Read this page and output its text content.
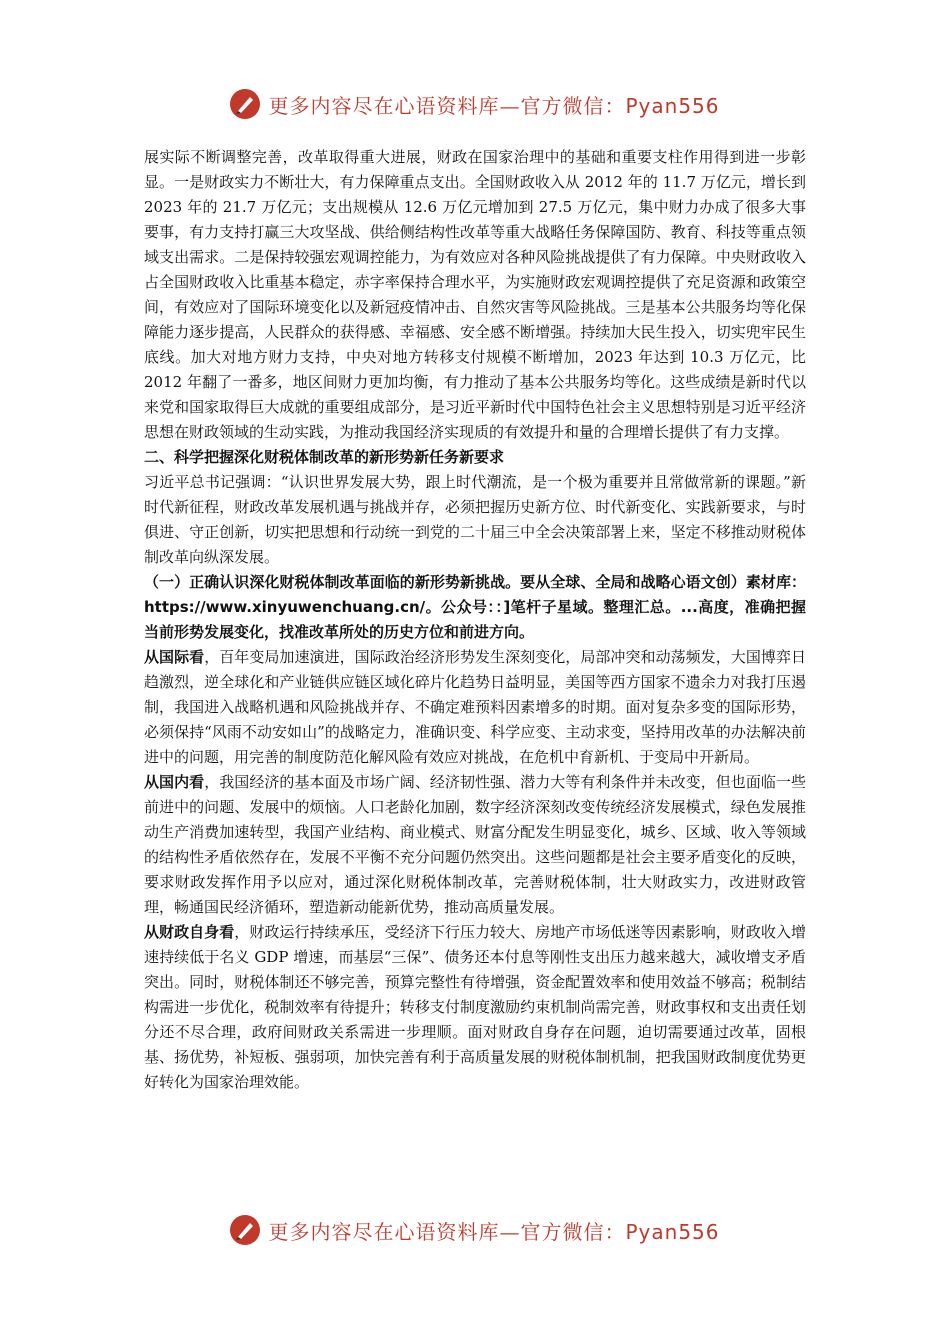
更多内容尽在心语资料库—官方微信：Pyan556

展实际不断调整完善，改革取得重大进展，财政在国家治理中的基础和重要支柱作用得到进一步彰显。一是财政实力不断壮大，有力保障重点支出。全国财政收入从 2012 年的 11.7 万亿元，增长到 2023 年的 21.7 万亿元；支出规模从 12.6 万亿元增加到 27.5 万亿元，集中财力办成了很多大事要事，有力支持打赢三大攻坚战、供给侧结构性改革等重大战略任务保障国防、教育、科技等重点领域支出需求。二是保持较强宏观调控能力，为有效应对各种风险挑战提供了有力保障。中央财政收入占全国财政收入比重基本稳定，赤字率保持合理水平，为实施财政宏观调控提供了充足资源和政策空间，有效应对了国际环境变化以及新冠疫情冲击、自然灾害等风险挑战。三是基本公共服务均等化保障能力逐步提高，人民群众的获得感、幸福感、安全感不断增强。持续加大民生投入，切实兜牢民生底线。加大对地方财力支持，中央对地方转移支付规模不断增加，2023 年达到 10.3 万亿元，比 2012 年翻了一番多，地区间财力更加均衡，有力推动了基本公共服务均等化。这些成绩是新时代以来党和国家取得巨大成就的重要组成部分，是习近平新时代中国特色社会主义思想特别是习近平经济思想在财政领域的生动实践，为推动我国经济实现质的有效提升和量的合理增长提供了有力支撑。

二、科学把握深化财税体制改革的新形势新任务新要求

习近平总书记强调：“认识世界发展大势，跟上时代潮流，是一个极为重要并且常做常新的课题。”新时代新征程，财政改革发展机遇与挑战并存，必须把握历史新方位、时代新变化、实践新要求，与时俱进、守正创新，切实把思想和行动统一到党的二十届三中全会决策部署上来，坚定不移推动财税体制改革向纵深发展。

（一）正确认识深化财税体制改革面临的新形势新挑战。要从全球、全局和战略心语文创）素材库：https://www.xinyuwenchuang.cn/。公众号：：]笔杆子星域。整理汇总。...高度，准确把握当前形势发展变化，找准改革所处的历史方位和前进方向。

从国际看，百年变局加速演进，国际政治经济形势发生深刻变化，局部冲突和动荡频发，大国博弈日趋激烈，逆全球化和产业链供应链区域化碎片化趋势日益明显，美国等西方国家不遗余力对我打压遏制，我国进入战略机遇和风险挑战并存、不确定难预料因素增多的时期。面对复杂多变的国际形势，必须保持“风雨不动安如山”的战略定力，准确识变、科学应变、主动求变，坚持用改革的办法解决前进中的问题，用完善的制度防范化解风险有效应对挑战，在危机中育新机、于变局中开新局。

从国内看，我国经济的基本面及市场广阔、经济韧性强、潜力大等有利条件并未改变，但也面临一些前进中的问题、发展中的烦恼。人口老龄化加剧，数字经济深刻改变传统经济发展模式，绿色发展推动生产消费加速转型，我国产业结构、商业模式、财富分配发生明显变化，城乡、区域、收入等领域的结构性矛盾依然存在，发展不平衡不充分问题仍然突出。这些问题都是社会主要矛盾变化的反映，要求财政发挥作用予以应对，通过深化财税体制改革，完善财税体制，壮大财政实力，改进财政管理，畅通国民经济循环，塑造新动能新优势，推动高质量发展。

从财政自身看，财政运行持续承压，受经济下行压力较大、房地产市场低迷等因素影响，财政收入增速持续低于名义 GDP 增速，而基层“三保”、债务还本付息等刚性支出压力越来越大，减收增支矛盾突出。同时，财税体制还不够完善，预算完整性有待增强，资金配置效率和使用效益不够高；税制结构需进一步优化，税制效率有待提升；转移支付制度激励约束机制尚需完善，财政事权和支出责任划分还不尽合理，政府间财政关系需进一步理顺。面对财政自身存在问题，迫切需要通过改革，固根基、扬优势，补短板、强弱项，加快完善有利于高质量发展的财税体制机制，把我国财政制度优势更好转化为国家治理效能。

更多内容尽在心语资料库—官方微信：Pyan556
